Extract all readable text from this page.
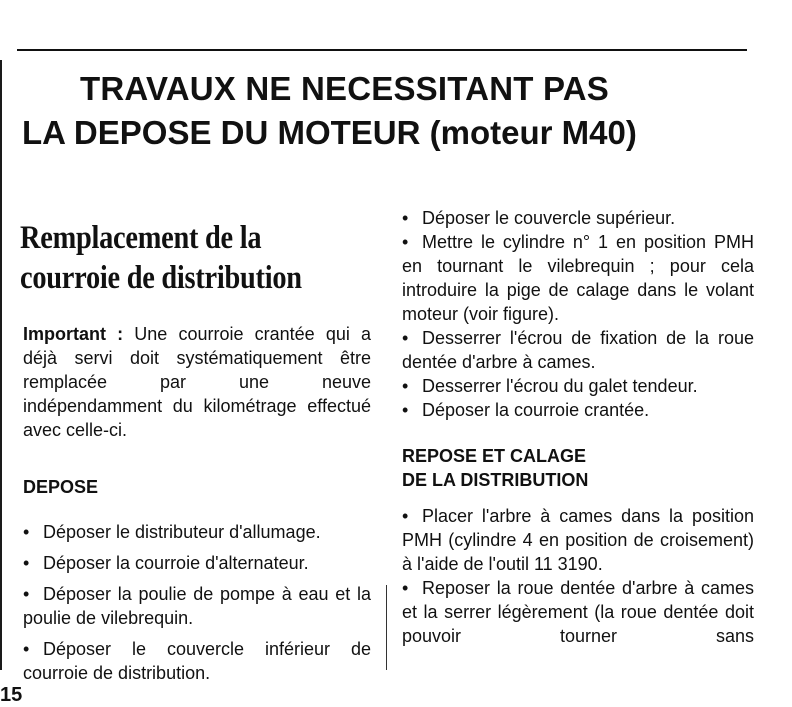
TRAVAUX NE NECESSITANT PAS
LA DEPOSE DU MOTEUR (moteur M40)
Remplacement de la
courroie de distribution

Important : Une courroie crantée qui a déjà servi doit systématiquement être remplacée par une neuve indépendamment du kilométrage effectué avec celle-ci.

DEPOSE

• Déposer le distributeur d'allumage.

• Déposer la courroie d'alternateur.

• Déposer la poulie de pompe à eau et la poulie de vilebrequin.

• Déposer le couvercle inférieur de courroie de distribution.

• Déposer le couvercle supérieur.

• Mettre le cylindre n° 1 en position PMH en tournant le vilebrequin ; pour cela introduire la pige de calage dans le volant moteur (voir figure).

• Desserrer l'écrou de fixation de la roue dentée d'arbre à cames.

• Desserrer l'écrou du galet tendeur.

• Déposer la courroie crantée.

REPOSE ET CALAGE

DE LA DISTRIBUTION

• Placer l'arbre à cames dans la position PMH (cylindre 4 en position de croisement) à l'aide de l'outil 11 3190.

• Reposer la roue dentée d'arbre à cames et la serrer légèrement (la roue dentée doit pouvoir tourner sans

15
